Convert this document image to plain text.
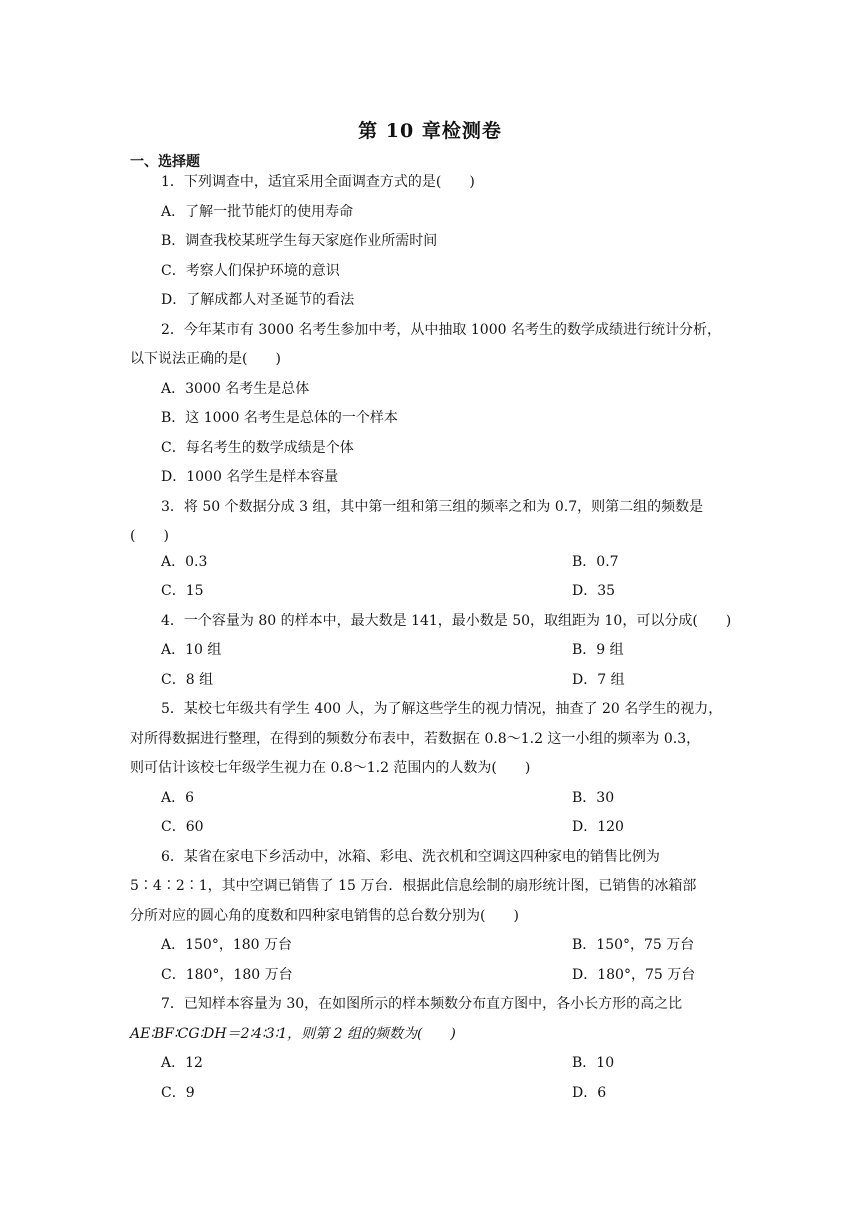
第 10 章检测卷
一、选择题
1．下列调查中，适宜采用全面调查方式的是(　　)
A．了解一批节能灯的使用寿命
B．调查我校某班学生每天家庭作业所需时间
C．考察人们保护环境的意识
D．了解成都人对圣诞节的看法
2．今年某市有 3000 名考生参加中考，从中抽取 1000 名考生的数学成绩进行统计分析，
以下说法正确的是(　　)
A．3000 名考生是总体
B．这 1000 名考生是总体的一个样本
C．每名考生的数学成绩是个体
D．1000 名学生是样本容量
3．将 50 个数据分成 3 组，其中第一组和第三组的频率之和为 0.7，则第二组的频数是
(　　)
A．0.3	B．0.7
C．15	D．35
4．一个容量为 80 的样本中，最大数是 141，最小数是 50，取组距为 10，可以分成(　　)
A．10 组	B．9 组
C．8 组	D．7 组
5．某校七年级共有学生 400 人，为了解这些学生的视力情况，抽查了 20 名学生的视力，
对所得数据进行整理，在得到的频数分布表中，若数据在 0.8～1.2 这一小组的频率为 0.3，
则可估计该校七年级学生视力在 0.8～1.2 范围内的人数为(　　)
A．6	B．30
C．60	D．120
6．某省在家电下乡活动中，冰箱、彩电、洗衣机和空调这四种家电的销售比例为
5∶4∶2∶1，其中空调已销售了 15 万台．根据此信息绘制的扇形统计图，已销售的冰箱部
分所对应的圆心角的度数和四种家电销售的总台数分别为(　　)
A．150°，180 万台	B．150°，75 万台
C．180°，180 万台	D．180°，75 万台
7．已知样本容量为 30，在如图所示的样本频数分布直方图中，各小长方形的高之比
AE∶BF∶CG∶DH＝2∶4∶3∶1，则第 2 组的频数为(　　)
A．12	B．10
C．9	D．6
